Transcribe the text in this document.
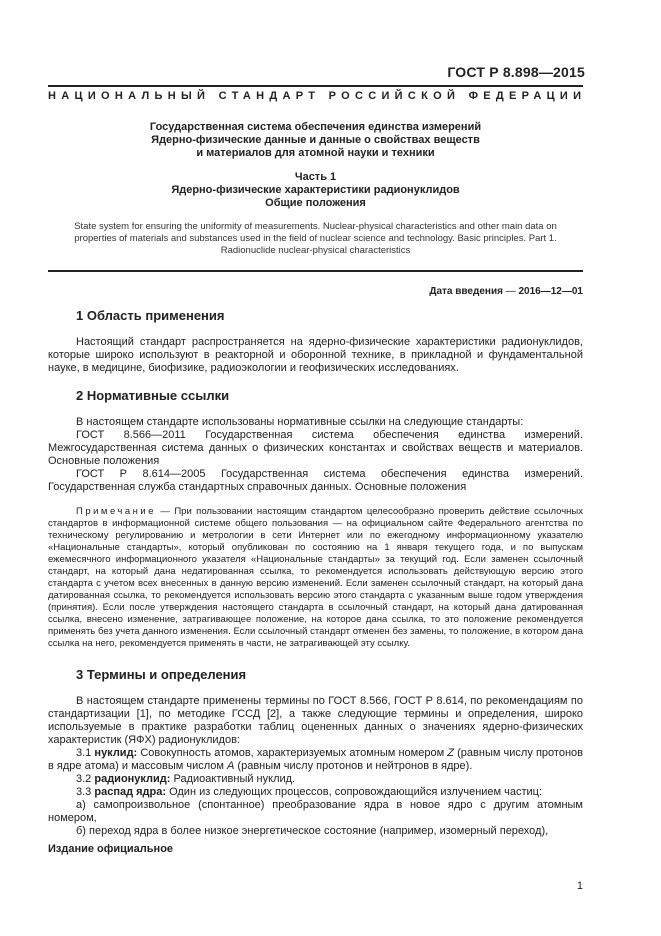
ГОСТ Р 8.898—2015
НАЦИОНАЛЬНЫЙ СТАНДАРТ РОССИЙСКОЙ ФЕДЕРАЦИИ
Государственная система обеспечения единства измерений
Ядерно-физические данные и данные о свойствах веществ
и материалов для атомной науки и техники
Часть 1
Ядерно-физические характеристики радионуклидов
Общие положения
State system for ensuring the uniformity of measurements. Nuclear-physical characteristics and other main data on
properties of materials and substances used in the field of nuclear science and technology. Basic principles. Part 1.
Radionuclide nuclear-physical characteristics
Дата введения — 2016—12—01
1 Область применения

Настоящий стандарт распространяется на ядерно-физические характеристики радионуклидов, которые широко используют в реакторной и оборонной технике, в прикладной и фундаментальной науке, в медицине, биофизике, радиоэкологии и геофизических исследованиях.

2 Нормативные ссылки

В настоящем стандарте использованы нормативные ссылки на следующие стандарты:

ГОСТ 8.566—2011 Государственная система обеспечения единства измерений. Межгосударственная система данных о физических константах и свойствах веществ и материалов. Основные положения

ГОСТ Р 8.614—2005 Государственная система обеспечения единства измерений. Государственная служба стандартных справочных данных. Основные положения

Примечание — При пользовании настоящим стандартом целесообразно проверить действие ссылочных стандартов в информационной системе общего пользования — на официальном сайте Федерального агентства по техническому регулированию и метрологии в сети Интернет или по ежегодному информационному указателю «Национальные стандарты», который опубликован по состоянию на 1 января текущего года, и по выпускам ежемесячного информационного указателя «Национальные стандарты» за текущий год. Если заменен ссылочный стандарт, на который дана недатированная ссылка, то рекомендуется использовать действующую версию этого стандарта с учетом всех внесенных в данную версию изменений. Если заменен ссылочный стандарт, на который дана датированная ссылка, то рекомендуется использовать версию этого стандарта с указанным выше годом утверждения (принятия). Если после утверждения настоящего стандарта в ссылочный стандарт, на который дана датированная ссылка, внесено изменение, затрагивающее положение, на которое дана ссылка, то это положение рекомендуется применять без учета данного изменения. Если ссылочный стандарт отменен без замены, то положение, в котором дана ссылка на него, рекомендуется применять в части, не затрагивающей эту ссылку.

3 Термины и определения

В настоящем стандарте применены термины по ГОСТ 8.566, ГОСТ Р 8.614, по рекомендациям по стандартизации [1], по методике ГССД [2], а также следующие термины и определения, широко используемые в практике разработки таблиц оцененных данных о значениях ядерно-физических характеристик (ЯФХ) радионуклидов:

3.1 нуклид: Совокупность атомов, характеризуемых атомным номером Z (равным числу протонов в ядре атома) и массовым числом A (равным числу протонов и нейтронов в ядре).

3.2 радионуклид: Радиоактивный нуклид.

3.3 распад ядра: Один из следующих процессов, сопровождающийся излучением частиц:

а) самопроизвольное (спонтанное) преобразование ядра в новое ядро с другим атомным номером,

б) переход ядра в более низкое энергетическое состояние (например, изомерный переход),

Издание официальное
1
